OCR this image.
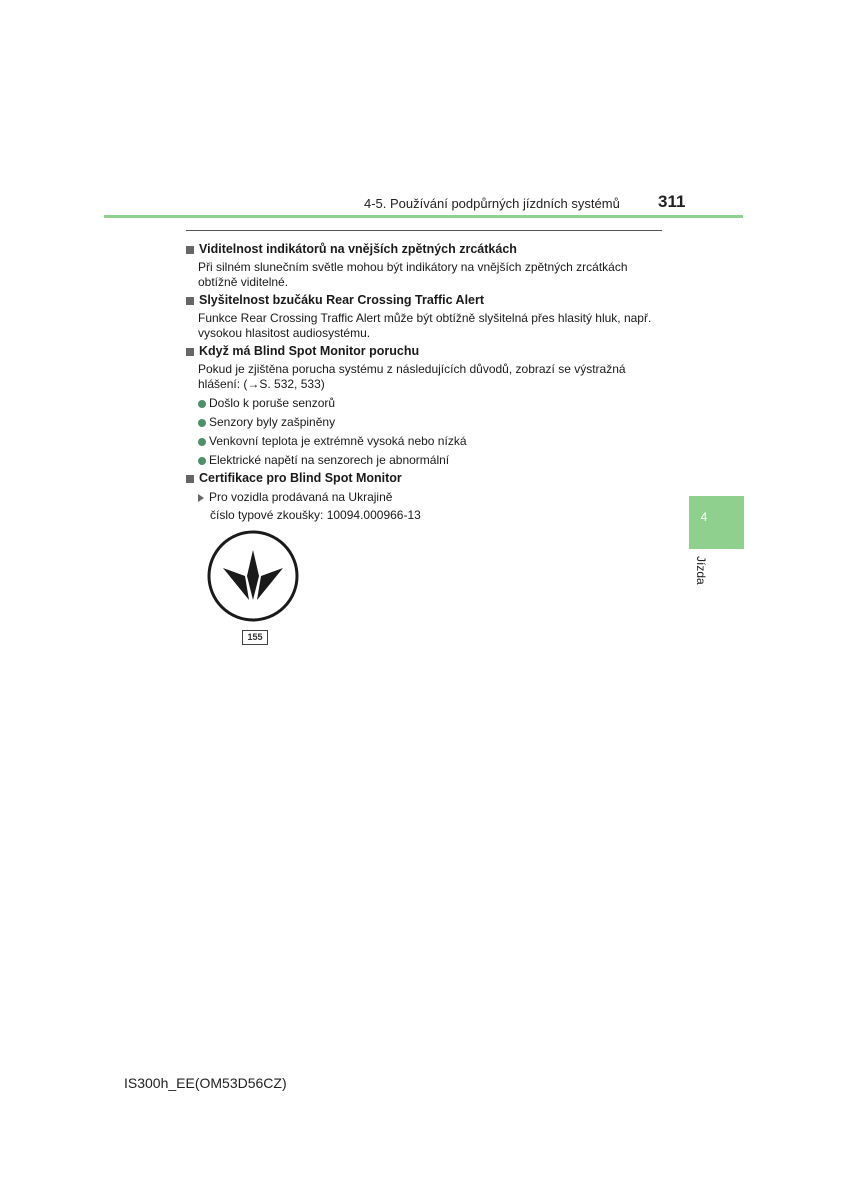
4-5. Používání podpůrných jízdních systémů 311
Viditelnost indikátorů na vnějších zpětných zrcátkách
Při silném slunečním světle mohou být indikátory na vnějších zpětných zrcátkách obtížně viditelné.
Slyšitelnost bzučáku Rear Crossing Traffic Alert
Funkce Rear Crossing Traffic Alert může být obtížně slyšitelná přes hlasitý hluk, např. vysokou hlasitost audiosystému.
Když má Blind Spot Monitor poruchu
Pokud je zjištěna porucha systému z následujících důvodů, zobrazí se výstražná hlášení: (→S. 532, 533)
Došlo k poruše senzorů
Senzory byly zašpiněny
Venkovní teplota je extrémně vysoká nebo nízká
Elektrické napětí na senzorech je abnormální
Certifikace pro Blind Spot Monitor
Pro vozidla prodávaná na Ukrajině
číslo typové zkoušky: 10094.000966-13
155
4
Jízda
IS300h_EE(OM53D56CZ)
